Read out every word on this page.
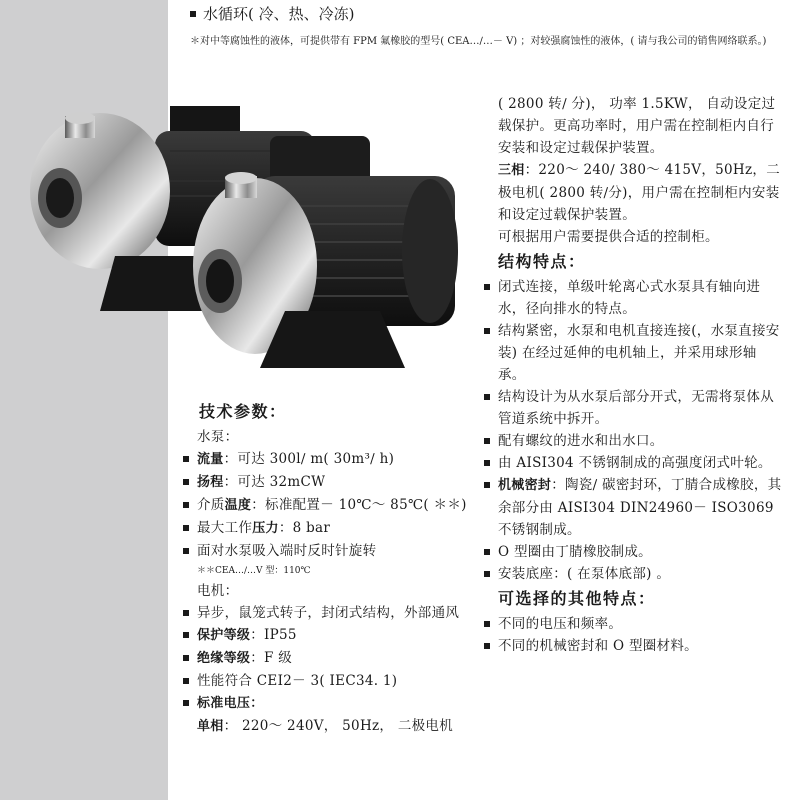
水循环( 冷、热、冷冻)
＊对中等腐蚀性的液体，可提供带有 FPM 氟橡胶的型号( CEA…∕…－ V) ；对较强腐蚀性的液体，( 请与我公司的销售网络联系。)
( 2800 转∕ 分)， 功率 1.5KW， 自动设定过载保护。更高功率时，用户需在控制柜内自行安装和设定过载保护装置。
三相：220～ 240∕ 380～ 415V，50Hz，二极电机( 2800 转∕分)，用户需在控制柜内安装和设定过载保护装置。
可根据用户需要提供合适的控制柜。
结构特点：
闭式连接，单级叶轮离心式水泵具有轴向进水，径向排水的特点。
结构紧密，水泵和电机直接连接(，水泵直接安装) 在经过延伸的电机轴上，并采用球形轴承。
结构设计为从水泵后部分开式，无需将泵体从管道系统中拆开。
配有螺纹的进水和出水口。
由 AISI304 不锈钢制成的高强度闭式叶轮。
机械密封：陶瓷∕ 碳密封环，丁腈合成橡胶，其余部分由 AISI304 DIN24960－ ISO3069 不锈钢制成。
O 型圈由丁腈橡胶制成。
安装底座：( 在泵体底部) 。
可选择的其他特点：
不同的电压和频率。
不同的机械密封和 O 型圈材料。
技术参数：
水泵：
流量：可达 300l∕ m( 30m³∕ h)
扬程：可达 32mCW
介质温度：标准配置－ 10℃～ 85℃( ＊＊)
最大工作压力：8 bar
面对水泵吸入端时反时针旋转
＊＊CEA…∕…V 型：110℃
电机：
异步，鼠笼式转子，封闭式结构，外部通风
保护等级：IP55
绝缘等级：F 级
性能符合 CEI2－ 3( IEC34. 1)
标准电压：
单相： 220～ 240V， 50Hz， 二极电机
